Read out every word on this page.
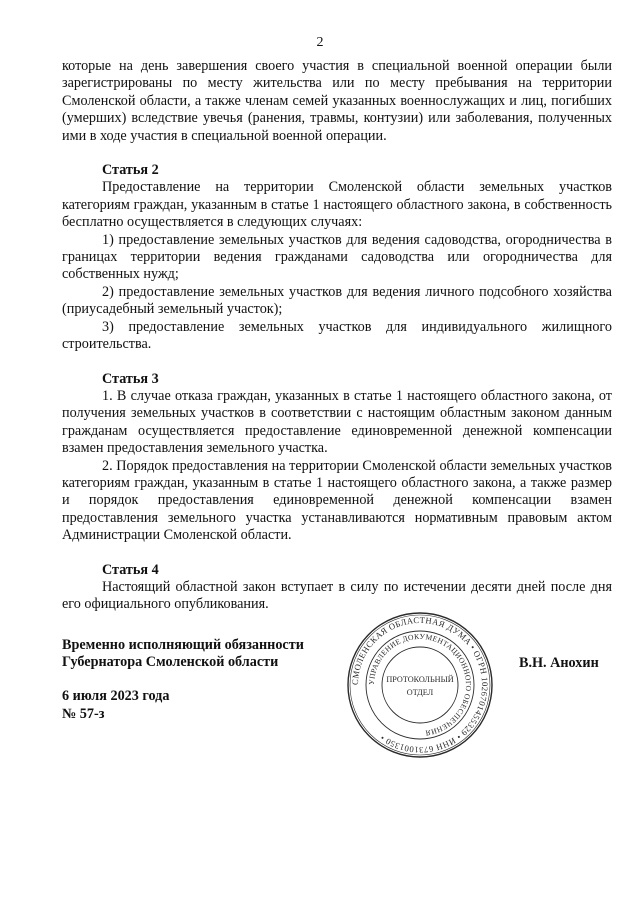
2

которые на день завершения своего участия в специальной военной операции были зарегистрированы по месту жительства или по месту пребывания на территории Смоленской области, а также членам семей указанных военнослужащих и лиц, погибших (умерших) вследствие увечья (ранения, травмы, контузии) или заболевания, полученных ими в ходе участия в специальной военной операции.

Статья 2

Предоставление на территории Смоленской области земельных участков категориям граждан, указанным в статье 1 настоящего областного закона, в собственность бесплатно осуществляется в следующих случаях:

1) предоставление земельных участков для ведения садоводства, огородничества в границах территории ведения гражданами садоводства или огородничества для собственных нужд;

2) предоставление земельных участков для ведения личного подсобного хозяйства (приусадебный земельный участок);

3) предоставление земельных участков для индивидуального жилищного строительства.

Статья 3

1. В случае отказа граждан, указанных в статье 1 настоящего областного закона, от получения земельных участков в соответствии с настоящим областным законом данным гражданам осуществляется предоставление единовременной денежной компенсации взамен предоставления земельного участка.

2. Порядок предоставления на территории Смоленской области земельных участков категориям граждан, указанным в статье 1 настоящего областного закона, а также размер и порядок предоставления единовременной денежной компенсации взамен предоставления земельного участка устанавливаются нормативным правовым актом Администрации Смоленской области.

Статья 4

Настоящий областной закон вступает в силу по истечении десяти дней после дня его официального опубликования.

Временно исполняющий обязанности
Губернатора Смоленской области	В.Н. Анохин
6 июля 2023 года
№ 57-з
СМОЛЕНСКАЯ ОБЛАСТНАЯ ДУМА • ОГРН 1026701455329 • ИНН 6731001350 •
УПРАВЛЕНИЕ ДОКУМЕНТАЦИОННОГО ОБЕСПЕЧЕНИЯ
ПРОТОКОЛЬНЫЙ
ОТДЕЛ
